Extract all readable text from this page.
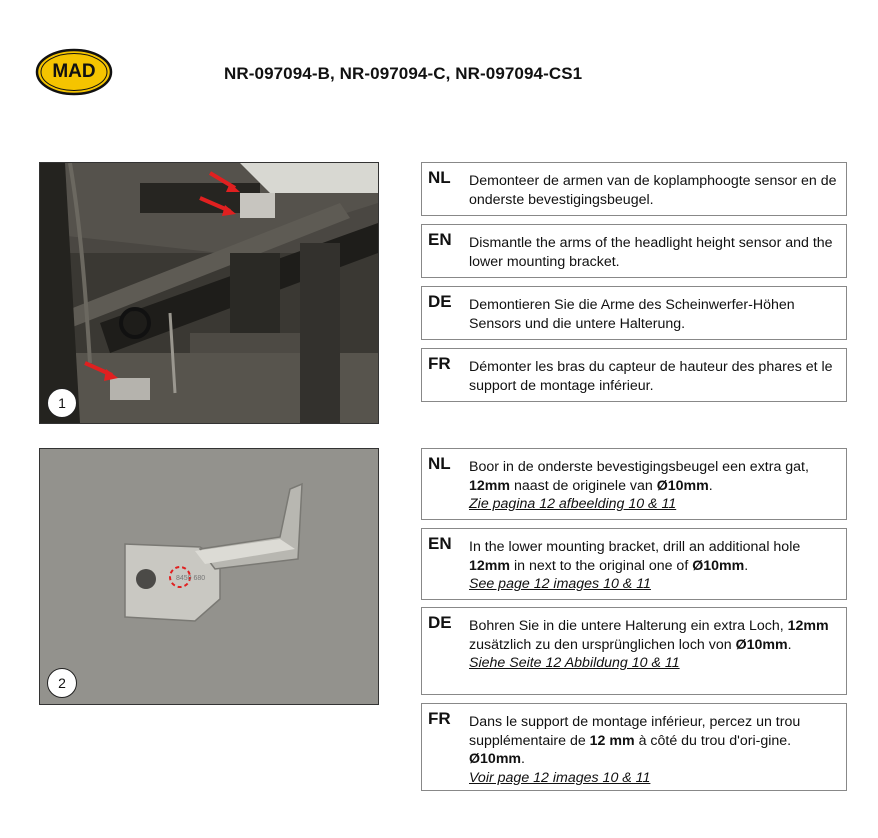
MAD	NR-097094-B, NR-097094-C, NR-097094-CS1
1
8450 680
2
NL Demonteer de armen van de koplamphoogte sensor en de onderste bevestigingsbeugel.
EN Dismantle the arms of the headlight height sensor and the lower mounting bracket.
DE Demontieren Sie die Arme des Scheinwerfer-Höhen Sensors und die untere Halterung.
FR Démonter les bras du capteur de hauteur des phares et le support de montage inférieur.
NL Boor in de onderste bevestigingsbeugel een extra gat, 12mm naast de originele van Ø10mm.
Zie pagina 12 afbeelding 10 & 11
EN In the lower mounting bracket, drill an additional hole 12mm in next to the original one of Ø10mm.
See page 12 images 10 & 11
DE Bohren Sie in die untere Halterung ein extra Loch, 12mm zusätzlich zu den ursprünglichen loch von Ø10mm.
Siehe Seite 12 Abbildung 10 & 11
FR Dans le support de montage inférieur, percez un trou supplémentaire de 12 mm à côté du trou d'ori-gine. Ø10mm.
Voir page 12 images 10 & 11
